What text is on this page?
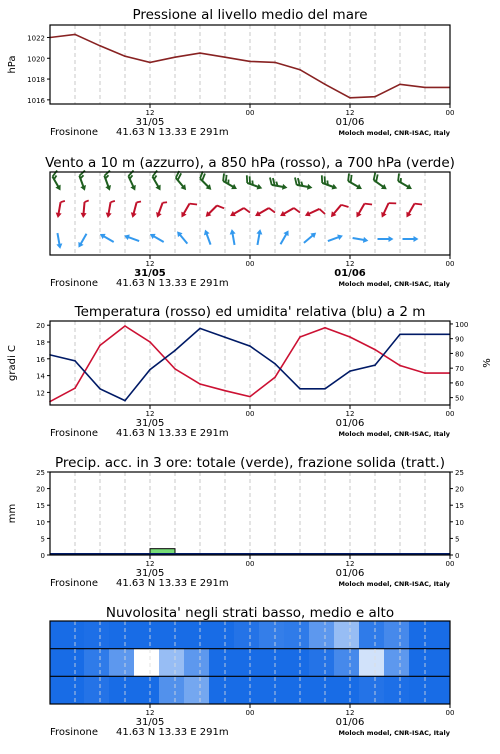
Pressione al livello medio del mare
1016
1018
1020
1022
hPa
12	00	12	00
31/05	01/06
Frosinone 41.63 N 13.33 E 291m	Moloch model, CNR-ISAC, Italy
Vento a 10 m (azzurro), a 850 hPa (rosso), a 700 hPa (verde)
12	00	12	00
31/05	01/06
Frosinone 41.63 N 13.33 E 291m	Moloch model, CNR-ISAC, Italy
Temperatura (rosso) ed umidita' relativa (blu) a 2 m
12
14
16
18
20
50
60
70
80
90
100
gradi C	%
12	00	12	00
31/05	01/06
Frosinone 41.63 N 13.33 E 291m	Moloch model, CNR-ISAC, Italy
Precip. acc. in 3 ore: totale (verde), frazione solida (tratt.)
0	0
5	5
10	10
15	15
20	20
25	25
mm
12	00	12	00
31/05	01/06
Frosinone 41.63 N 13.33 E 291m	Moloch model, CNR-ISAC, Italy
Nuvolosita' negli strati basso, medio e alto
12	00	12	00
31/05	01/06
Frosinone 41.63 N 13.33 E 291m	Moloch model, CNR-ISAC, Italy
